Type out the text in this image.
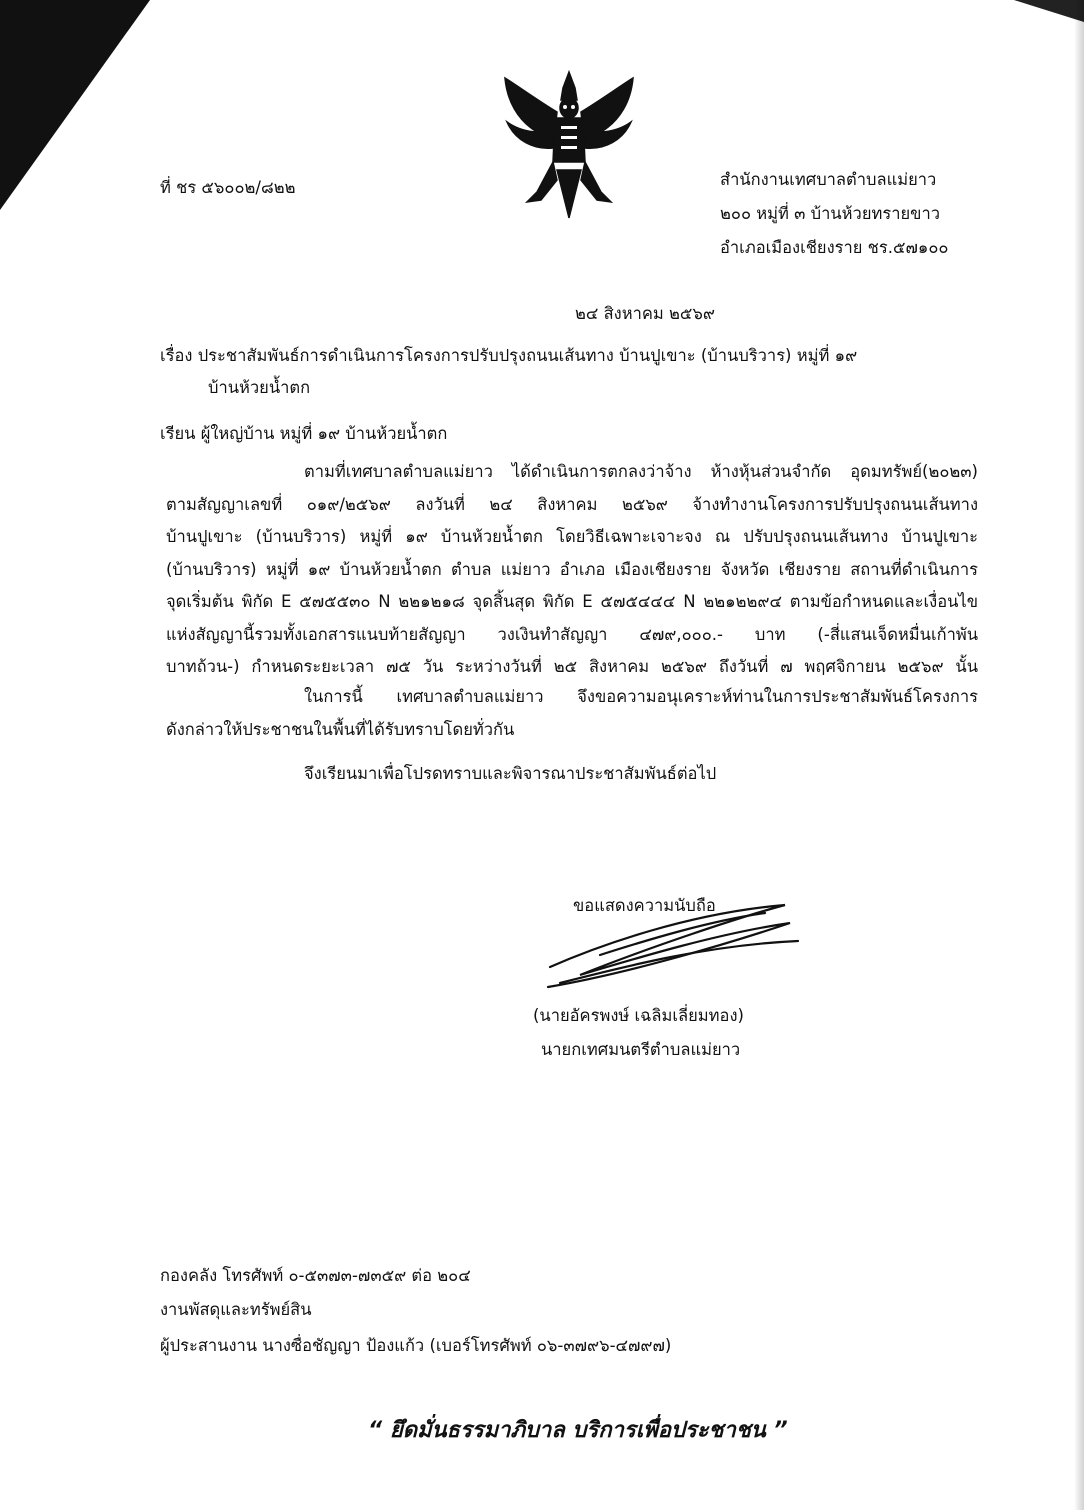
ที่ ชร ๕๖๐๐๒/๘๒๒	สำนักงานเทศบาลตำบลแม่ยาว
๒๐๐ หมู่ที่ ๓ บ้านห้วยทรายขาว
อำเภอเมืองเชียงราย ชร.๕๗๑๐๐
๒๔ สิงหาคม ๒๕๖๙
เรื่อง ประชาสัมพันธ์การดำเนินการโครงการปรับปรุงถนนเส้นทาง บ้านปูเขาะ (บ้านบริวาร) หมู่ที่ ๑๙
บ้านห้วยน้ำตก
เรียน ผู้ใหญ่บ้าน หมู่ที่ ๑๙ บ้านห้วยน้ำตก
ตามที่เทศบาลตำบลแม่ยาว ได้ดำเนินการตกลงว่าจ้าง ห้างหุ้นส่วนจำกัด อุดมทรัพย์(๒๐๒๓)
ตามสัญญาเลขที่ ๐๑๙/๒๕๖๙ ลงวันที่ ๒๔ สิงหาคม ๒๕๖๙ จ้างทำงานโครงการปรับปรุงถนนเส้นทาง
บ้านปูเขาะ (บ้านบริวาร) หมู่ที่ ๑๙ บ้านห้วยน้ำตก โดยวิธีเฉพาะเจาะจง ณ ปรับปรุงถนนเส้นทาง บ้านปูเขาะ
(บ้านบริวาร) หมู่ที่ ๑๙ บ้านห้วยน้ำตก ตำบล แม่ยาว อำเภอ เมืองเชียงราย จังหวัด เชียงราย สถานที่ดำเนินการ
จุดเริ่มต้น พิกัด E ๕๗๕๕๓๐ N ๒๒๑๒๑๘ จุดสิ้นสุด พิกัด E ๕๗๕๔๔๔ N ๒๒๑๒๒๙๔ ตามข้อกำหนดและเงื่อนไข
แห่งสัญญานี้รวมทั้งเอกสารแนบท้ายสัญญา วงเงินทำสัญญา ๔๗๙,๐๐๐.- บาท (-สี่แสนเจ็ดหมื่นเก้าพัน
บาทถ้วน-) กำหนดระยะเวลา ๗๕ วัน ระหว่างวันที่ ๒๕ สิงหาคม ๒๕๖๙ ถึงวันที่ ๗ พฤศจิกายน ๒๕๖๙ นั้น
ในการนี้ เทศบาลตำบลแม่ยาว จึงขอความอนุเคราะห์ท่านในการประชาสัมพันธ์โครงการ
ดังกล่าวให้ประชาชนในพื้นที่ได้รับทราบโดยทั่วกัน
จึงเรียนมาเพื่อโปรดทราบและพิจารณาประชาสัมพันธ์ต่อไป
ขอแสดงความนับถือ
(นายอัครพงษ์ เฉลิมเลี่ยมทอง)
นายกเทศมนตรีตำบลแม่ยาว
กองคลัง โทรศัพท์ ๐-๕๓๗๓-๗๓๕๙ ต่อ ๒๐๔
งานพัสดุและทรัพย์สิน
ผู้ประสานงาน นางซื่อชัญญา ป้องแก้ว (เบอร์โทรศัพท์ ๐๖-๓๗๙๖-๔๗๙๗)
“ ยึดมั่นธรรมาภิบาล บริการเพื่อประชาชน ”
